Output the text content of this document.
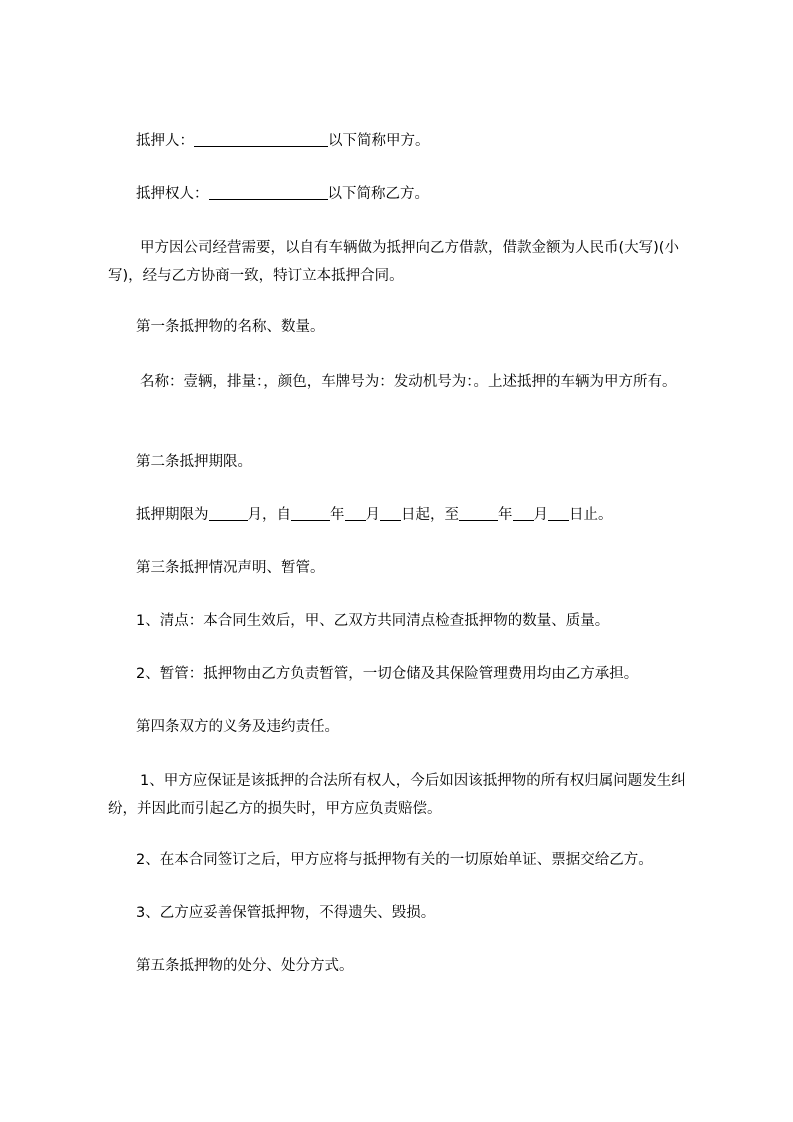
抵押人：	以下简称甲方。

抵押权人：	以下简称乙方。

甲方因公司经营需要，以自有车辆做为抵押向乙方借款，借款金额为人民币(大写)(小写)，经与乙方协商一致，特订立本抵押合同。

第一条抵押物的名称、数量。

名称：壹辆，排量：，颜色，车牌号为：发动机号为：。上述抵押的车辆为甲方所有。

第二条抵押期限。

抵押期限为	月，自	年 月 日起，至	年 月 日止。

第三条抵押情况声明、暂管。

1、清点：本合同生效后，甲、乙双方共同清点检查抵押物的数量、质量。

2、暂管：抵押物由乙方负责暂管，一切仓储及其保险管理费用均由乙方承担。

第四条双方的义务及违约责任。

1、甲方应保证是该抵押的合法所有权人，今后如因该抵押物的所有权归属问题发生纠纷，并因此而引起乙方的损失时，甲方应负责赔偿。

2、在本合同签订之后，甲方应将与抵押物有关的一切原始单证、票据交给乙方。

3、乙方应妥善保管抵押物，不得遗失、毁损。

第五条抵押物的处分、处分方式。
